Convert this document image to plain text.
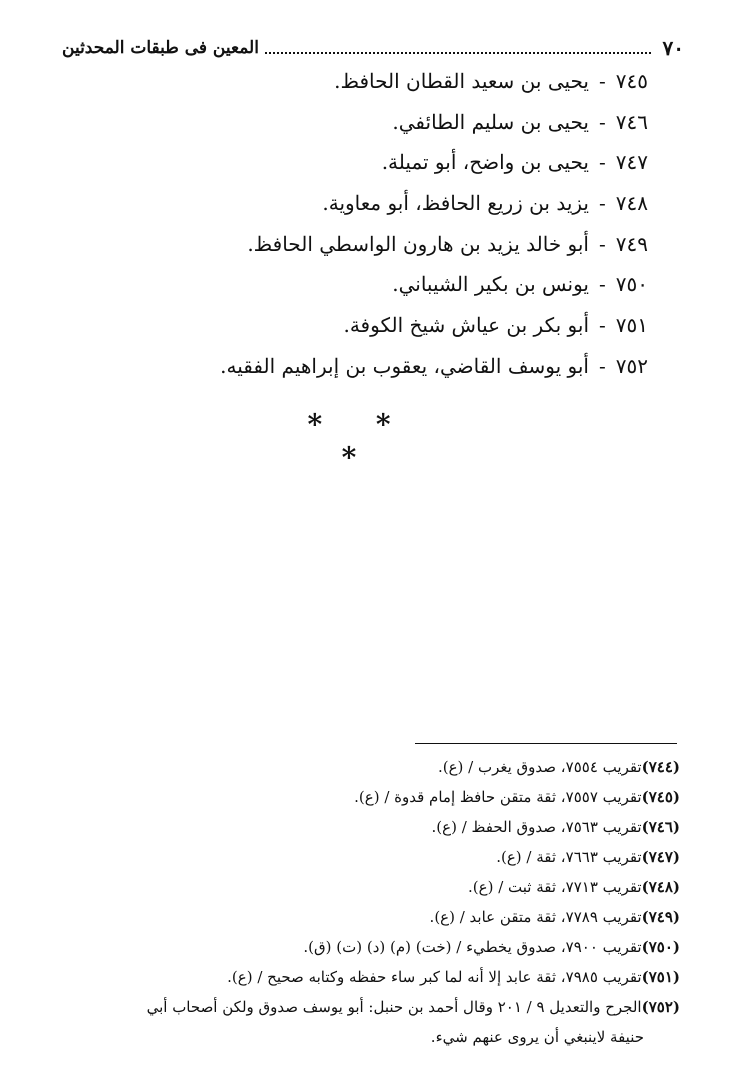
٧٠
المعين فى طبقات المحدثين
٧٤٥-يحيى بن سعيد القطان الحافظ.
٧٤٦-يحيى بن سليم الطائفي.
٧٤٧-يحيى بن واضح، أبو تميلة.
٧٤٨-يزيد بن زريع الحافظ، أبو معاوية.
٧٤٩-أبو خالد يزيد بن هارون الواسطي الحافظ.
٧٥٠-يونس بن بكير الشيباني.
٧٥١-أبو بكر بن عياش شيخ الكوفة.
٧٥٢-أبو يوسف القاضي، يعقوب بن إبراهيم الفقيه.
* * *
(٧٤٤)تقريب ٧٥٥٤، صدوق يغرب / (ع).
(٧٤٥)تقريب ٧٥٥٧، ثقة متقن حافظ إمام قدوة / (ع).
(٧٤٦)تقريب ٧٥٦٣، صدوق الحفظ / (ع).
(٧٤٧)تقريب ٧٦٦٣، ثقة / (ع).
(٧٤٨)تقريب ٧٧١٣، ثقة ثبت / (ع).
(٧٤٩)تقريب ٧٧٨٩، ثقة متقن عابد / (ع).
(٧٥٠)تقريب ٧٩٠٠، صدوق يخطيء / (خت) (م) (د) (ت) (ق).
(٧٥١)تقريب ٧٩٨٥، ثقة عابد إلا أنه لما كبر ساء حفظه وكتابه صحيح / (ع).
(٧٥٢)الجرح والتعديل ٩ / ٢٠١ وقال أحمد بن حنبل: أبو يوسف صدوق ولكن أصحاب أبي
حنيفة لاينبغي أن يروى عنهم شيء.
